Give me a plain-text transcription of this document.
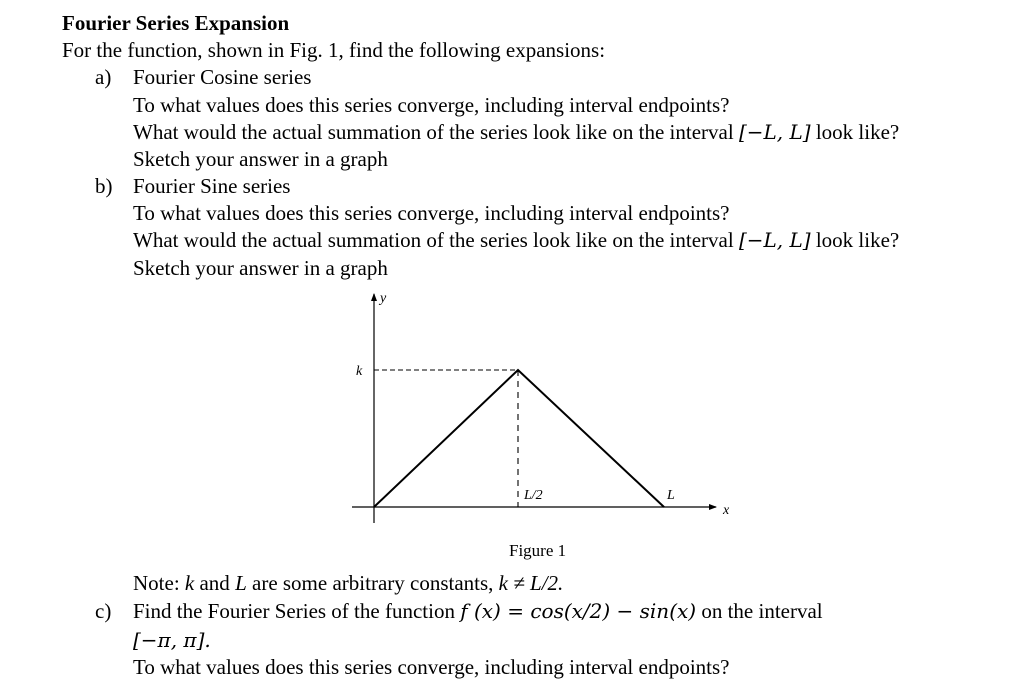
Fourier Series Expansion
For the function, shown in Fig. 1, find the following expansions:
a) Fourier Cosine series
To what values does this series converge, including interval endpoints?
What would the actual summation of the series look like on the interval [−L, L] look like?
Sketch your answer in a graph
b) Fourier Sine series
To what values does this series converge, including interval endpoints?
What would the actual summation of the series look like on the interval [−L, L] look like?
Sketch your answer in a graph
y
x
k
L/2	L
Figure 1
Note: k and L are some arbitrary constants, k ≠ L/2.
c) Find the Fourier Series of the function f (x) = cos(x/2) − sin(x) on the interval
[−π, π].
To what values does this series converge, including interval endpoints?
